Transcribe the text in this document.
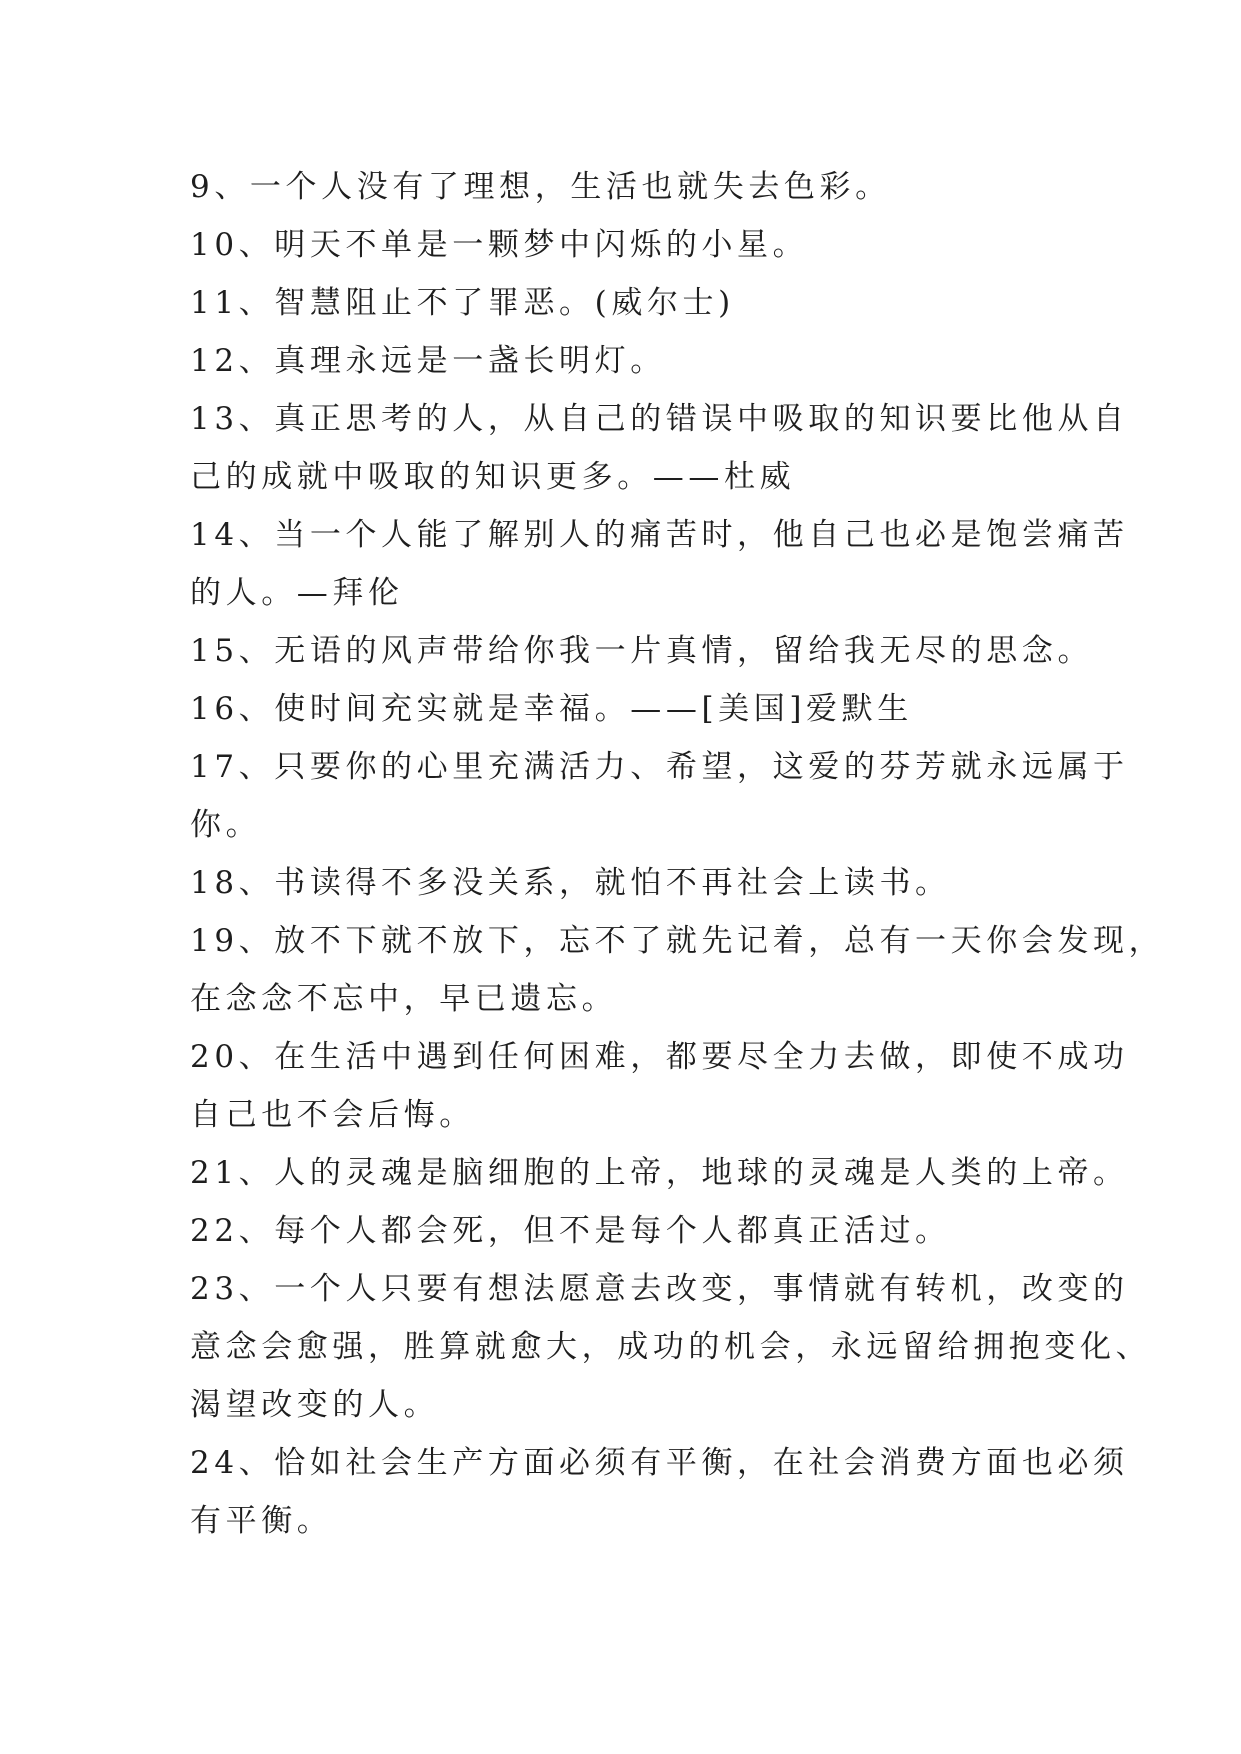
9、一个人没有了理想，生活也就失去色彩。
10、明天不单是一颗梦中闪烁的小星。
11、智慧阻止不了罪恶。(威尔士)
12、真理永远是一盏长明灯。
13、真正思考的人，从自己的错误中吸取的知识要比他从自
己的成就中吸取的知识更多。——杜威
14、当一个人能了解别人的痛苦时，他自己也必是饱尝痛苦
的人。—拜伦
15、无语的风声带给你我一片真情，留给我无尽的思念。
16、使时间充实就是幸福。——[美国]爱默生
17、只要你的心里充满活力、希望，这爱的芬芳就永远属于
你。
18、书读得不多没关系，就怕不再社会上读书。
19、放不下就不放下，忘不了就先记着，总有一天你会发现，
在念念不忘中，早已遗忘。
20、在生活中遇到任何困难，都要尽全力去做，即使不成功
自己也不会后悔。
21、人的灵魂是脑细胞的上帝，地球的灵魂是人类的上帝。
22、每个人都会死，但不是每个人都真正活过。
23、一个人只要有想法愿意去改变，事情就有转机，改变的
意念会愈强，胜算就愈大，成功的机会，永远留给拥抱变化、
渴望改变的人。
24、恰如社会生产方面必须有平衡，在社会消费方面也必须
有平衡。
